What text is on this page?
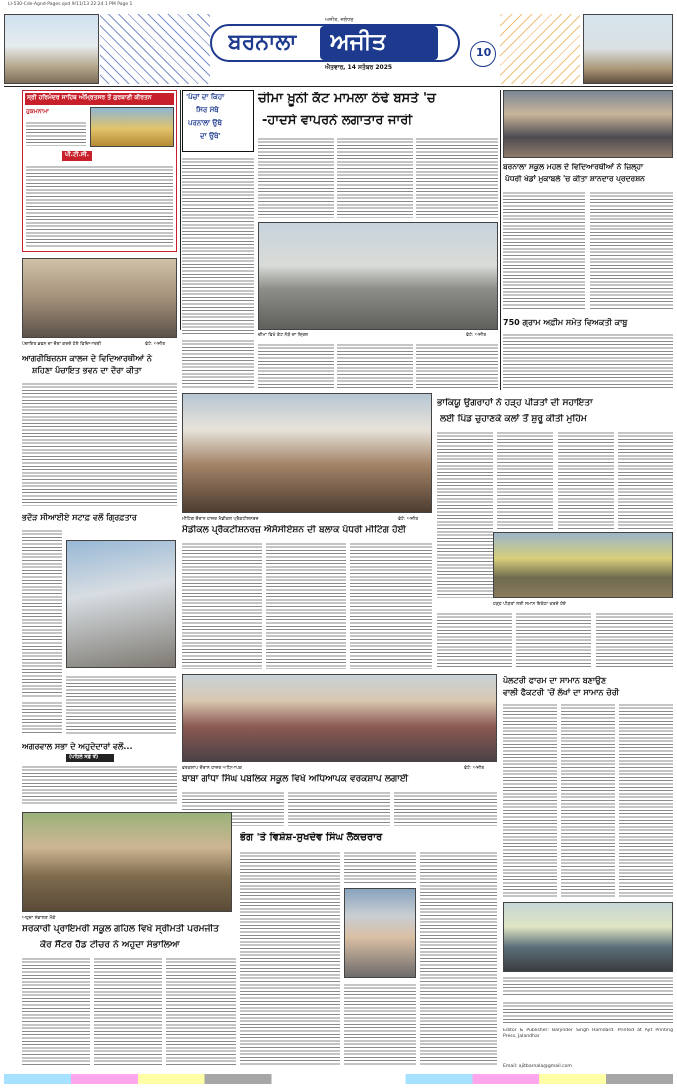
LI-530-Cde-Agnd-Pages.qxd 9/11/13 22:24 1 PM Page 1
ਅਜੀਤ, ਜਲੰਧਰ
ਬਰਨਾਲਾ ਅਜੀਤ
ਐਤਵਾਰ, 14 ਸਤੰਬਰ 2025
10
ਸ੍ਰੀ ਹਰਿਮੰਦਰ ਸਾਹਿਬ ਅੰਮ੍ਰਿਤਸਰ ਤੋਂ ਗੁਰਬਾਣੀ ਕੀਰਤਨ
ਹੁਕਮਨਾਮਾ
ਪੀ.ਟੀ.ਸੀ.
ਪੰਚਾਇਤ ਭਵਨ ਦਾ ਦੌਰਾ ਕਰਦੇ ਹੋਏ ਵਿਦਿਆਰਥੀ	ਫੋਟੋ: ਅਜੀਤ
ਆਗਰੀਬਿਜ਼ਨਸ ਕਾਲਜ ਦੇ ਵਿਦਿਆਰਥੀਆਂ ਨੇ
ਸ਼ਹਿਣਾ ਪੰਚਾਇਤ ਭਵਨ ਦਾ ਦੌਰਾ ਕੀਤਾ
ਭਦੌੜ ਸੀਆਈਏ ਸਟਾਫ਼ ਵਲੋਂ ਗ੍ਰਿਫ਼ਤਾਰ
ਅਗਰਵਾਲ ਸਭਾ ਦੇ ਅਹੁਦੇਦਾਰਾਂ ਵਲੋਂ...
(ਪਹਿਲੇ ਸਫ਼ੇ ਤੋਂ)
'ਪੰਚਾਂ ਦਾ ਕਿਹਾ
ਸਿਰ ਮੱਥੇ
ਪਰਨਾਲਾ ਉਥੇ
ਦਾ ਉਥੇ'
ਚੀਮਾ ਖ਼ੂਨੀ ਕੱਟ ਮਾਮਲਾ ਠੰਢੇ ਬਸਤੇ 'ਚ
-ਹਾਦਸੇ ਵਾਪਰਨੇ ਲਗਾਤਾਰ ਜਾਰੀ
ਚੀਮਾ ਵਿਖੇ ਕੱਟ ਨੇੜੇ ਦਾ ਦ੍ਰਿਸ਼	ਫੋਟੋ: ਅਜੀਤ
ਬਰਨਾਲਾ ਸਕੂਲ ਮਹਲ ਦੇ ਵਿਦਿਆਰਥੀਆਂ ਨੇ ਜ਼ਿਲ੍ਹਾ
ਪੱਧਰੀ ਖੇਡਾਂ ਮੁਕਾਬਲੇ 'ਚ ਕੀਤਾ ਸ਼ਾਨਦਾਰ ਪ੍ਰਦਰਸ਼ਨ
750 ਗ੍ਰਾਮ ਅਫ਼ੀਮ ਸਮੇਤ ਵਿਅਕਤੀ ਕਾਬੂ
ਮੀਟਿੰਗ ਦੌਰਾਨ ਹਾਜ਼ਰ ਮੈਡੀਕਲ ਪ੍ਰੈਕਟੀਸ਼ਨਰਜ਼	ਫੋਟੋ: ਅਜੀਤ
ਮੈਡੀਕਲ ਪ੍ਰੈਕਟੀਸ਼ਨਰਜ਼ ਐਸੋਸੀਏਸ਼ਨ ਦੀ ਬਲਾਕ ਪੱਧਰੀ ਮੀਟਿੰਗ ਹੋਈ
ਭਾਕਿਯੂ ਉਗਰਾਹਾਂ ਨੇ ਹੜ੍ਹ ਪੀੜਤਾਂ ਦੀ ਸਹਾਇਤਾ
ਲਈ ਪਿੰਡ ਚੁਹਾਣਕੇ ਕਲਾਂ ਤੋਂ ਸ਼ੁਰੂ ਕੀਤੀ ਮੁਹਿੰਮ
ਹੜ੍ਹ ਪੀੜਤਾਂ ਲਈ ਸਮਾਨ ਇਕੱਠਾ ਕਰਦੇ ਹੋਏ
ਵਰਕਸ਼ਾਪ ਦੌਰਾਨ ਹਾਜ਼ਰ ਅਧਿਆਪਕ	ਫੋਟੋ: ਅਜੀਤ
ਬਾਬਾ ਗਾਂਧਾ ਸਿੰਘ ਪਬਲਿਕ ਸਕੂਲ ਵਿਖੇ ਅਧਿਆਪਕ ਵਰਕਸ਼ਾਪ ਲਗਾਈ
ਪੋਲਟਰੀ ਫਾਰਮ ਦਾ ਸਾਮਾਨ ਬਣਾਉਣ
ਵਾਲੀ ਫੈਕਟਰੀ 'ਚੋਂ ਲੱਖਾਂ ਦਾ ਸਾਮਾਨ ਚੋਰੀ
Editor & Publisher: Barjinder Singh Hamdard. Printed at Ajit Printing Press, Jalandhar
Email: ajitbarnala@gmail.com
ਅਹੁਦਾ ਸੰਭਾਲਣ ਮੌਕੇ
ਸਰਕਾਰੀ ਪ੍ਰਾਇਮਰੀ ਸਕੂਲ ਗਹਿਲ ਵਿਖੇ ਸ੍ਰੀਮਤੀ ਪਰਮਜੀਤ
ਕੌਰ ਸੈਂਟਰ ਹੈੱਡ ਟੀਚਰ ਨੇ ਅਹੁਦਾ ਸੰਭਾਲਿਆ
ਭੋਗ 'ਤੇ ਵਿਸ਼ੇਸ਼-ਸੁਖਦੇਵ ਸਿੰਘ ਲੈਕਚਰਾਰ
